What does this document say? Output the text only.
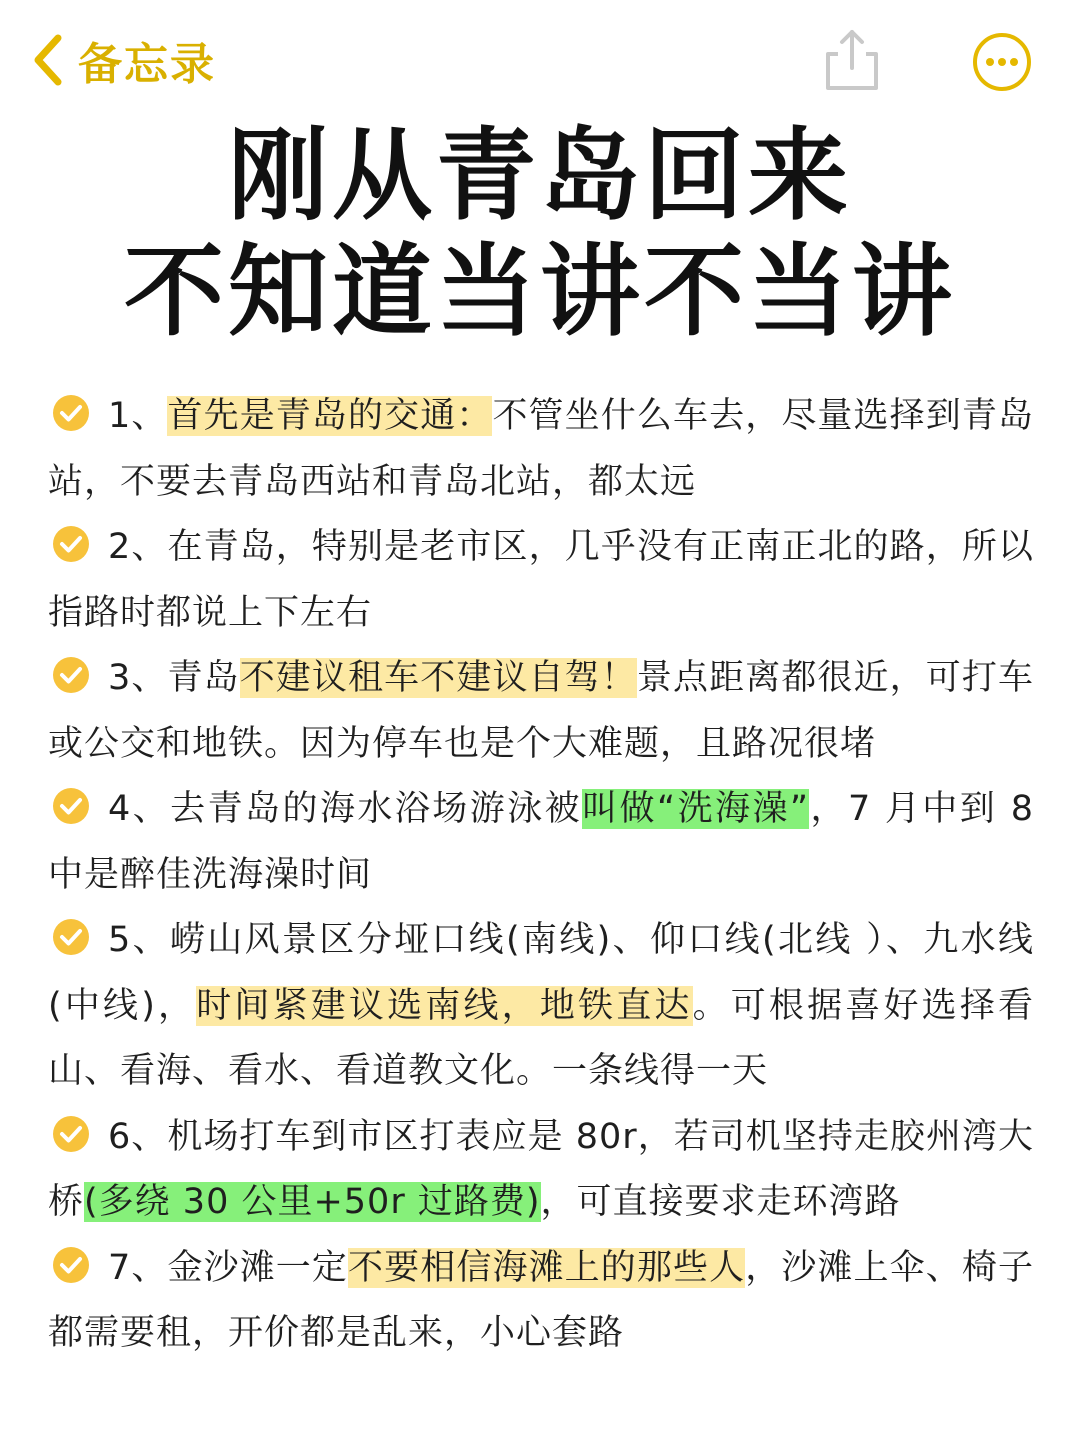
备忘录
刚从青岛回来
不知道当讲不当讲
1、首先是青岛的交通：不管坐什么车去，尽量选择到青岛站，不要去青岛西站和青岛北站，都太远
2、在青岛，特别是老市区，几乎没有正南正北的路，所以指路时都说上下左右
3、青岛不建议租车不建议自驾！景点距离都很近，可打车或公交和地铁。因为停车也是个大难题，且路况很堵
4、去青岛的海水浴场游泳被叫做“洗海澡”，7 月中到 8 中是醉佳洗海澡时间
5、崂山风景区分垭口线(南线)、仰口线(北线 ）、九水线(中线)，时间紧建议选南线，地铁直达。可根据喜好选择看山、看海、看水、看道教文化。一条线得一天
6、机场打车到市区打表应是 80r，若司机坚持走胶州湾大桥(多绕 30 公里+50r 过路费)，可直接要求走环湾路
7、金沙滩一定不要相信海滩上的那些人，沙滩上伞、椅子都需要租，开价都是乱来，小心套路
